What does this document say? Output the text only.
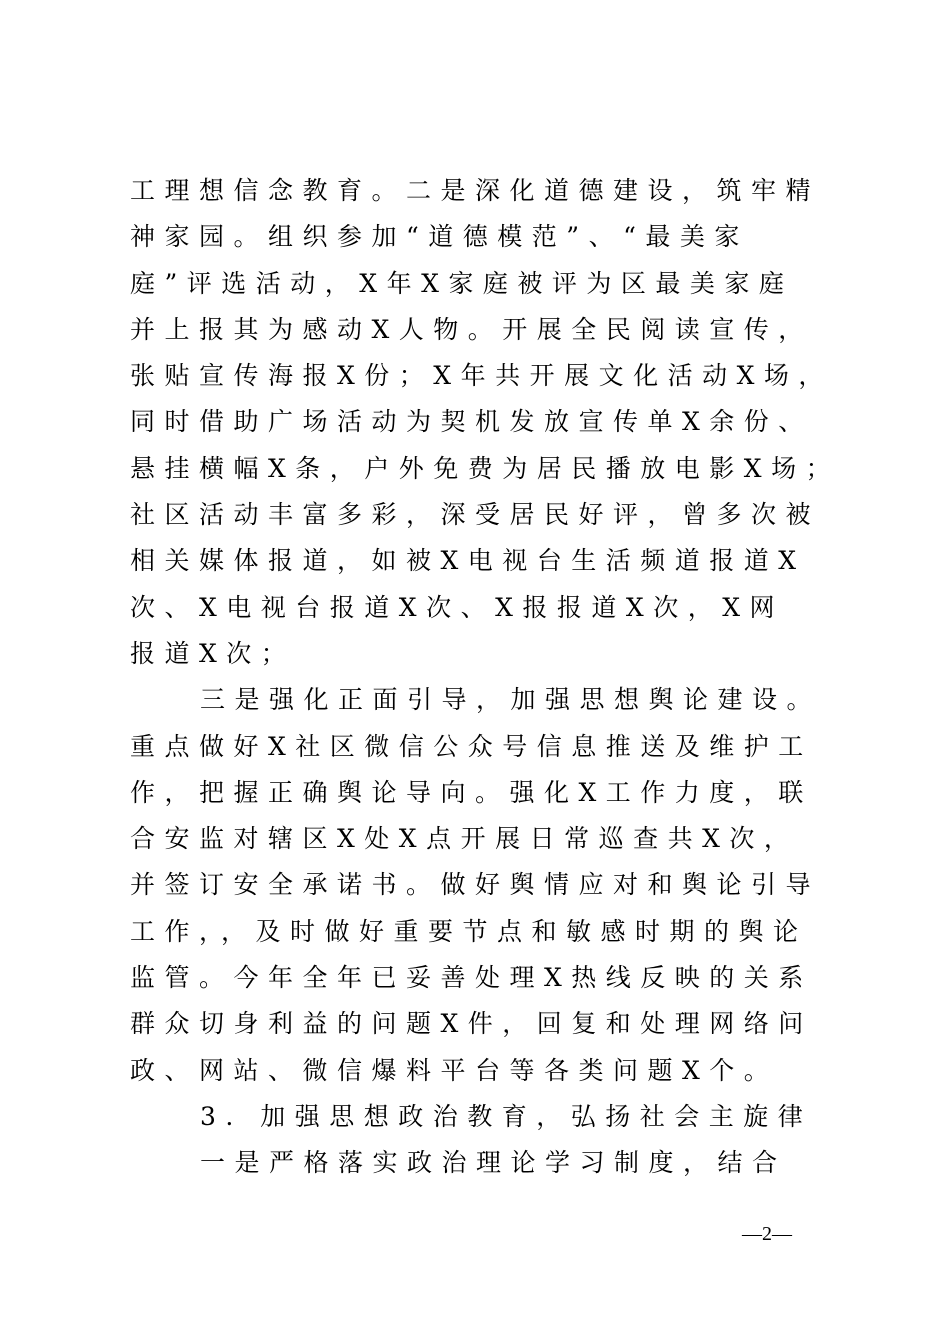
工理想信念教育。二是深化道德建设，筑牢精
神家园。组织参加“道德模范”、“最美家
庭”评选活动，X年X家庭被评为区最美家庭
并上报其为感动X人物。开展全民阅读宣传，
张贴宣传海报X份；X年共开展文化活动X场，
同时借助广场活动为契机发放宣传单X余份、
悬挂横幅X条，户外免费为居民播放电影X场；
社区活动丰富多彩，深受居民好评，曾多次被
相关媒体报道，如被X电视台生活频道报道X
次、X电视台报道X次、X报报道X次，X网
报道X次；
三是强化正面引导，加强思想舆论建设。
重点做好X社区微信公众号信息推送及维护工
作，把握正确舆论导向。强化X工作力度，联
合安监对辖区X处X点开展日常巡查共X次，
并签订安全承诺书。做好舆情应对和舆论引导
工作，，及时做好重要节点和敏感时期的舆论
监管。今年全年已妥善处理X热线反映的关系
群众切身利益的问题X件，回复和处理网络问
政、网站、微信爆料平台等各类问题X个。
3. 加强思想政治教育，弘扬社会主旋律
一是严格落实政治理论学习制度，结合
—2—
